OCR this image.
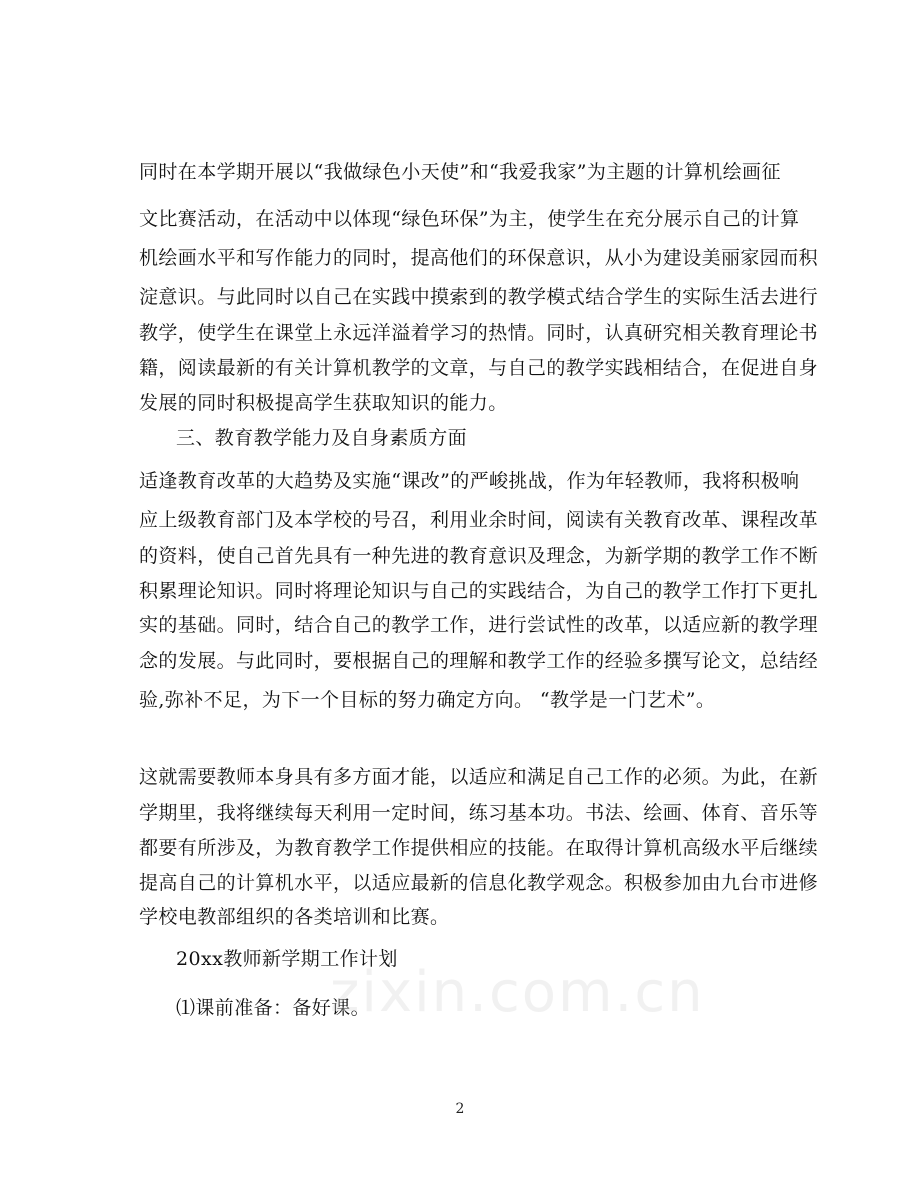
同时在本学期开展以“我做绿色小天使”和“我爱我家”为主题的计算机绘画征
文比赛活动，在活动中以体现“绿色环保”为主，使学生在充分展示自己的计算
机绘画水平和写作能力的同时，提高他们的环保意识，从小为建设美丽家园而积
淀意识。与此同时以自己在实践中摸索到的教学模式结合学生的实际生活去进行
教学，使学生在课堂上永远洋溢着学习的热情。同时，认真研究相关教育理论书
籍，阅读最新的有关计算机教学的文章，与自己的教学实践相结合，在促进自身
发展的同时积极提高学生获取知识的能力。
三、教育教学能力及自身素质方面
适逢教育改革的大趋势及实施“课改”的严峻挑战，作为年轻教师，我将积极响
应上级教育部门及本学校的号召，利用业余时间，阅读有关教育改革、课程改革
的资料，使自己首先具有一种先进的教育意识及理念，为新学期的教学工作不断
积累理论知识。同时将理论知识与自己的实践结合，为自己的教学工作打下更扎
实的基础。同时，结合自己的教学工作，进行尝试性的改革，以适应新的教学理
念的发展。与此同时，要根据自己的理解和教学工作的经验多撰写论文，总结经
验,弥补不足，为下一个目标的努力确定方向。 “教学是一门艺术”。
这就需要教师本身具有多方面才能，以适应和满足自己工作的必须。为此，在新
学期里，我将继续每天利用一定时间，练习基本功。书法、绘画、体育、音乐等
都要有所涉及，为教育教学工作提供相应的技能。在取得计算机高级水平后继续
提高自己的计算机水平，以适应最新的信息化教学观念。积极参加由九台市进修
学校电教部组织的各类培训和比赛。
20xx教师新学期工作计划
⑴课前准备：备好课。
zixin.com.cn
2
